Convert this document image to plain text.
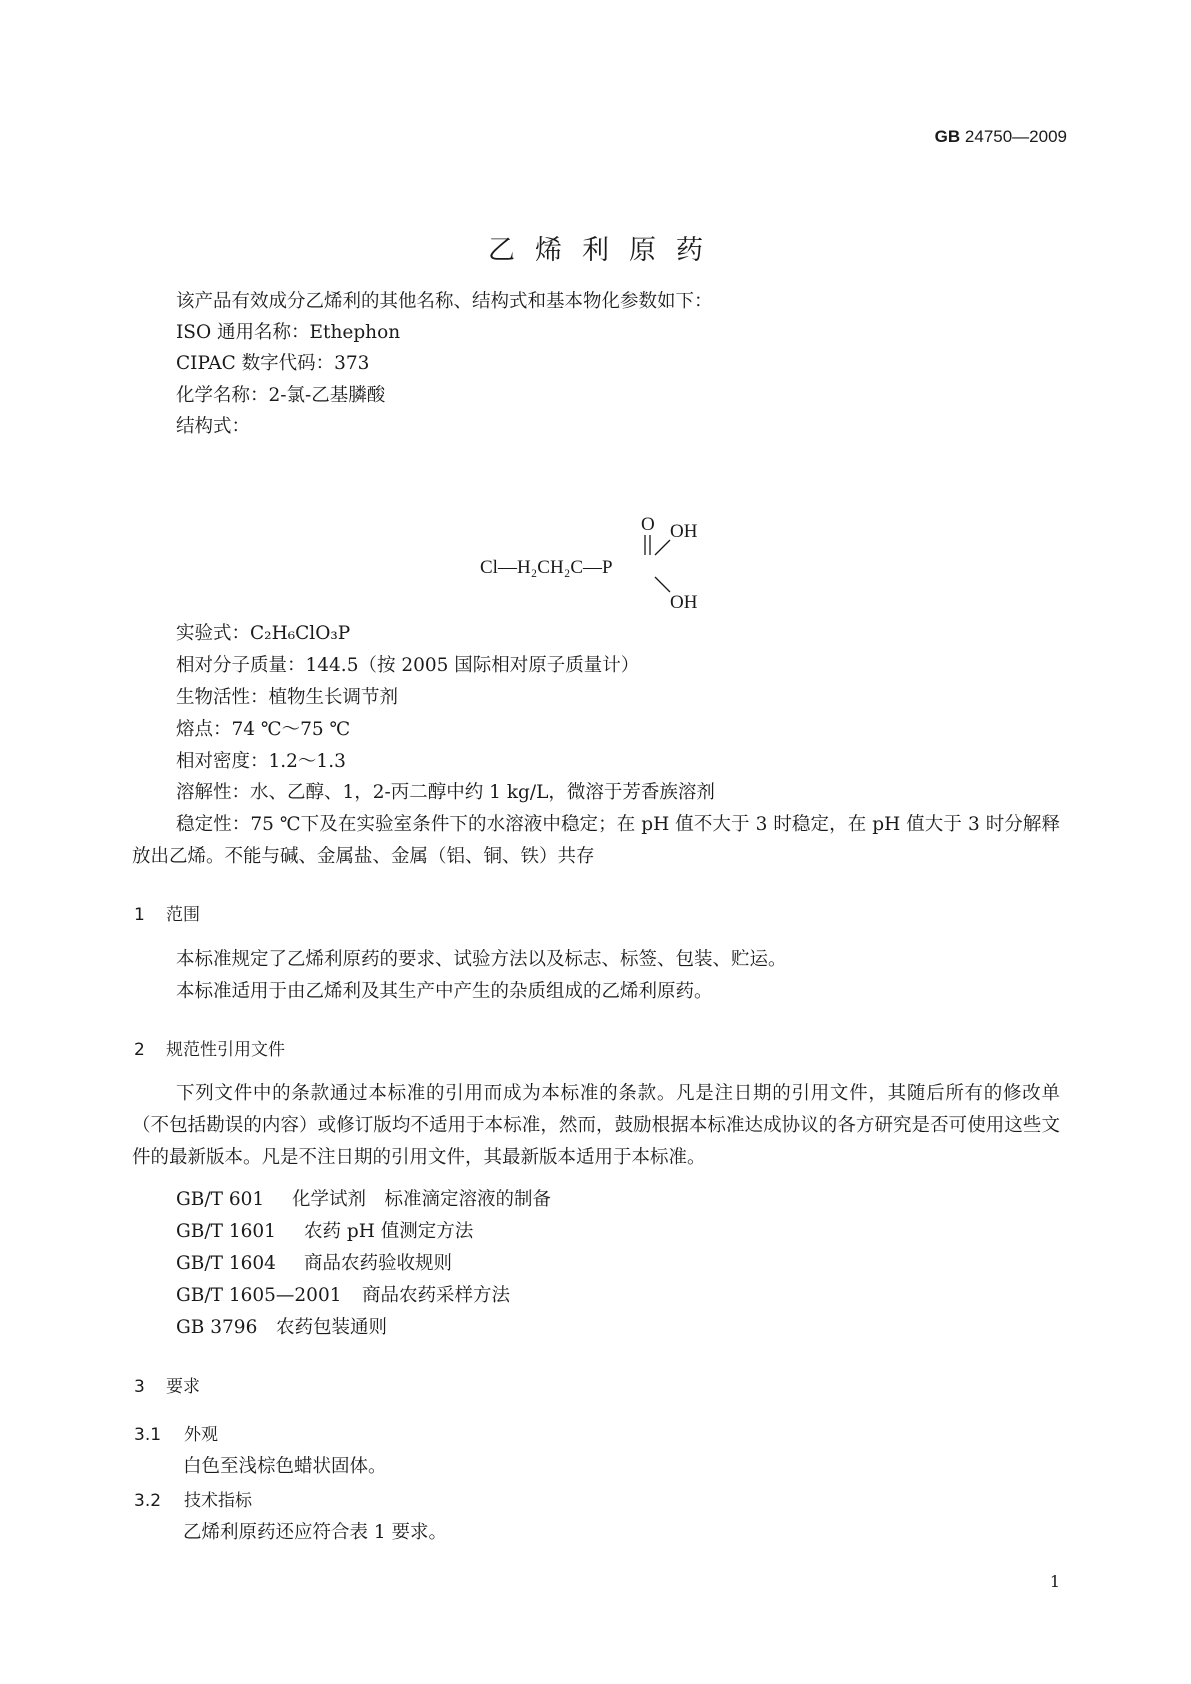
GB 24750—2009
乙烯利原药
该产品有效成分乙烯利的其他名称、结构式和基本物化参数如下：
ISO 通用名称：Ethephon
CIPAC 数字代码：373
化学名称：2-氯-乙基膦酸
结构式：
Cl—H₂CH₂C—P
O OH
OH
实验式：C₂H₆ClO₃P
相对分子质量：144.5（按 2005 国际相对原子质量计）
生物活性：植物生长调节剂
熔点：74 ℃～75 ℃
相对密度：1.2～1.3
溶解性：水、乙醇、1，2-丙二醇中约 1 kg/L，微溶于芳香族溶剂
稳定性：75 ℃下及在实验室条件下的水溶液中稳定；在 pH 值不大于 3 时稳定，在 pH 值大于 3 时分解释放出乙烯。不能与碱、金属盐、金属（铝、铜、铁）共存
1 范围
本标准规定了乙烯利原药的要求、试验方法以及标志、标签、包装、贮运。
本标准适用于由乙烯利及其生产中产生的杂质组成的乙烯利原药。
2 规范性引用文件
下列文件中的条款通过本标准的引用而成为本标准的条款。凡是注日期的引用文件，其随后所有的修改单（不包括勘误的内容）或修订版均不适用于本标准，然而，鼓励根据本标准达成协议的各方研究是否可使用这些文件的最新版本。凡是不注日期的引用文件，其最新版本适用于本标准。
GB/T 601 化学试剂　标准滴定溶液的制备
GB/T 1601 农药 pH 值测定方法
GB/T 1604 商品农药验收规则
GB/T 1605—2001 商品农药采样方法
GB 3796 农药包装通则
3 要求
3.1 外观
白色至浅棕色蜡状固体。
3.2 技术指标
乙烯利原药还应符合表 1 要求。
1
